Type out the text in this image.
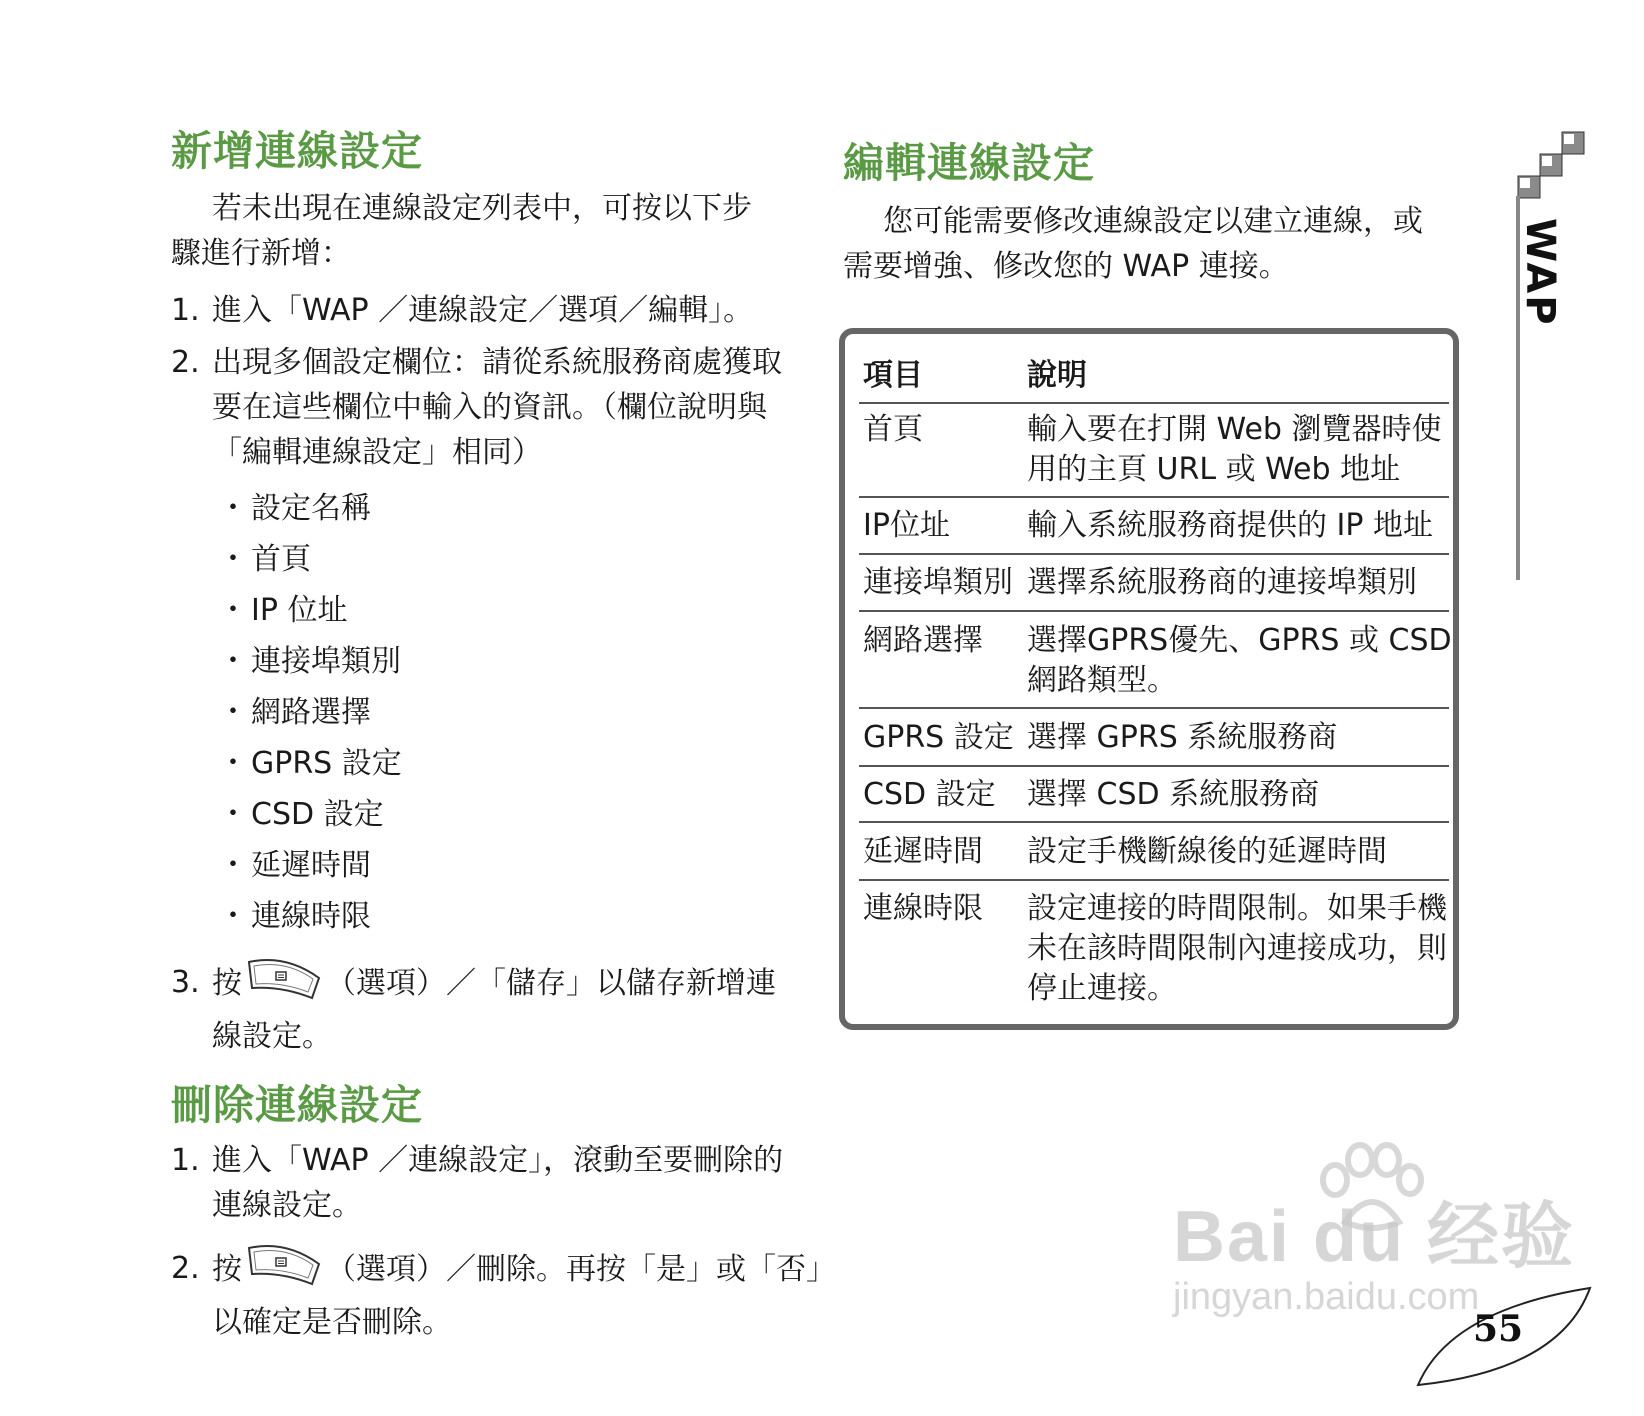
新增連線設定
若未出現在連線設定列表中，可按以下步
驟進行新增：
1. 進入「WAP ／連線設定／選項／編輯」。
2. 出現多個設定欄位：請從系統服務商處獲取
要在這些欄位中輸入的資訊。（欄位說明與
「編輯連線設定」相同）
・ 設定名稱
・ 首頁
・ IP 位址
・ 連接埠類別
・ 網路選擇
・ GPRS 設定
・ CSD 設定
・ 延遲時間
・ 連線時限
3. 按	（選項）／「儲存」以儲存新增連
線設定。
刪除連線設定
1. 進入「WAP ／連線設定」，滾動至要刪除的
連線設定。
2. 按	（選項）／刪除。再按「是」或「否」
以確定是否刪除。
編輯連線設定
您可能需要修改連線設定以建立連線，或
需要增強、修改您的 WAP 連接。
項目	說明
首頁	輸入要在打開 Web 瀏覽器時使
用的主頁 URL 或 Web 地址
IP位址	輸入系統服務商提供的 IP 地址
連接埠類別 選擇系統服務商的連接埠類別
網路選擇 選擇GPRS優先、GPRS 或 CSD
網路類型。
GPRS 設定 選擇 GPRS 系統服務商
CSD 設定 選擇 CSD 系統服務商
延遲時間 設定手機斷線後的延遲時間
連線時限 設定連接的時間限制。如果手機
未在該時間限制內連接成功，則
停止連接。
WAP
Bai du 经验
jingyan.baidu.com
55
